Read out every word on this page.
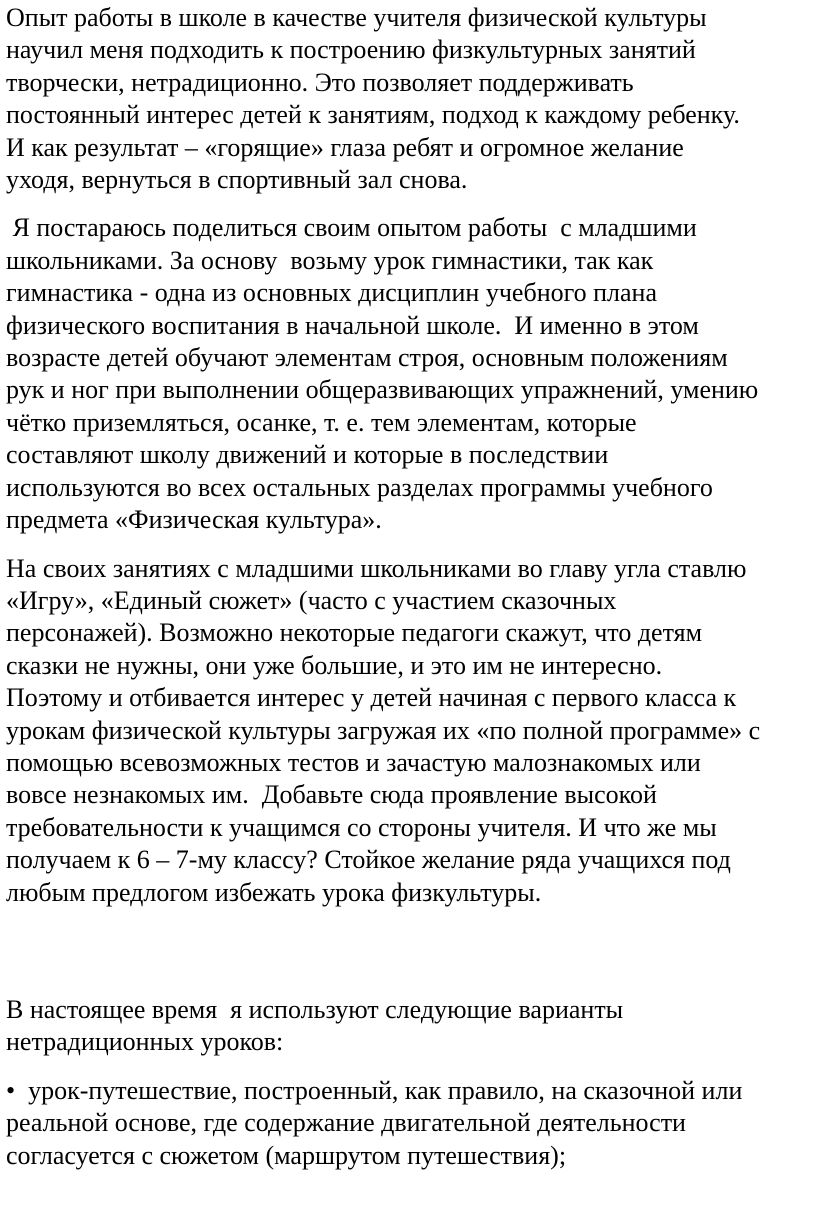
Опыт работы в школе в качестве учителя физической культуры
научил меня подходить к построению физкультурных занятий
творчески, нетрадиционно. Это позволяет поддерживать
постоянный интерес детей к занятиям, подход к каждому ребенку.
И как результат – «горящие» глаза ребят и огромное желание
уходя, вернуться в спортивный зал снова.
Я постараюсь поделиться своим опытом работы  с младшими
школьниками. За основу  возьму урок гимнастики, так как
гимнастика - одна из основных дисциплин учебного плана
физического воспитания в начальной школе.  И именно в этом
возрасте детей обучают элементам строя, основным положениям
рук и ног при выполнении общеразвивающих упражнений, умению
чётко приземляться, осанке, т. е. тем элементам, которые
составляют школу движений и которые в последствии
используются во всех остальных разделах программы учебного
предмета «Физическая культура».
На своих занятиях с младшими школьниками во главу угла ставлю
«Игру», «Единый сюжет» (часто с участием сказочных
персонажей). Возможно некоторые педагоги скажут, что детям
сказки не нужны, они уже большие, и это им не интересно.
Поэтому и отбивается интерес у детей начиная с первого класса к
урокам физической культуры загружая их «по полной программе» с
помощью всевозможных тестов и зачастую малознакомых или
вовсе незнакомых им.  Добавьте сюда проявление высокой
требовательности к учащимся со стороны учителя. И что же мы
получаем к 6 – 7-му классу? Стойкое желание ряда учащихся под
любым предлогом избежать урока физкультуры.
В настоящее время  я используют следующие варианты
нетрадиционных уроков:
•  урок-путешествие, построенный, как правило, на сказочной или
реальной основе, где содержание двигательной деятельности
согласуется с сюжетом (маршрутом путешествия);
